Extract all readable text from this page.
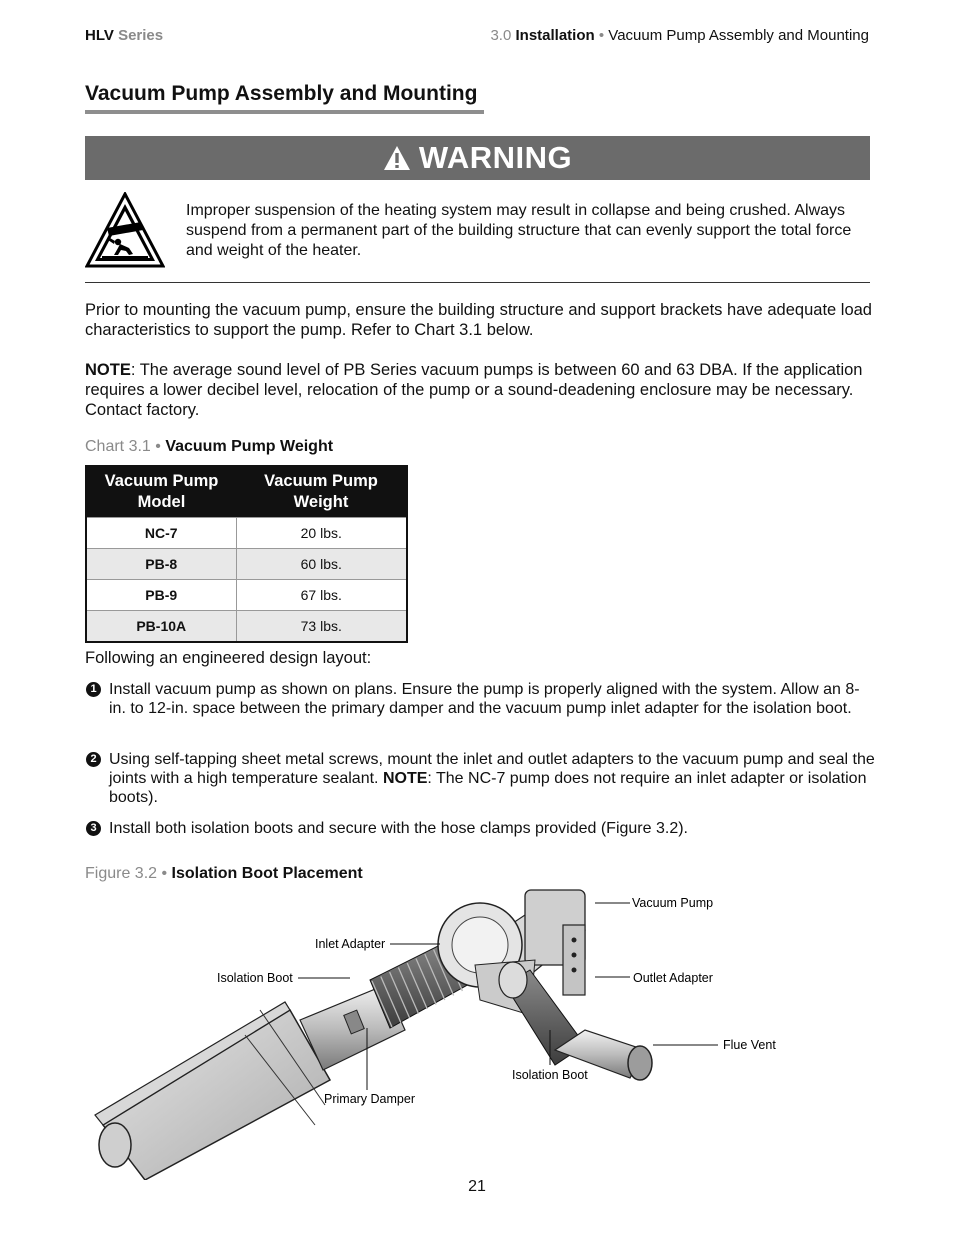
HLV Series	3.0 Installation • Vacuum Pump Assembly and Mounting
Vacuum Pump Assembly and Mounting
WARNING
Improper suspension of the heating system may result in collapse and being crushed. Always suspend from a permanent part of the building structure that can evenly support the total force and weight of the heater.
Prior to mounting the vacuum pump, ensure the building structure and support brackets have adequate load characteristics to support the pump. Refer to Chart 3.1 below.
NOTE: The average sound level of PB Series vacuum pumps is between 60 and 63 DBA. If the application requires a lower decibel level, relocation of the pump or a sound-deadening enclosure may be necessary. Contact factory.
Chart 3.1 • Vacuum Pump Weight
Vacuum Pump Model	Vacuum Pump Weight
NC-7	20 lbs.
PB-8	60 lbs.
PB-9	67 lbs.
PB-10A	73 lbs.
Following an engineered design layout:
1 Install vacuum pump as shown on plans. Ensure the pump is properly aligned with the system. Allow an 8-in. to 12-in. space between the primary damper and the vacuum pump inlet adapter for the isolation boot.
2 Using self-tapping sheet metal screws, mount the inlet and outlet adapters to the vacuum pump and seal the joints with a high temperature sealant. NOTE: The NC-7 pump does not require an inlet adapter or isolation boots).
3 Install both isolation boots and secure with the hose clamps provided (Figure 3.2).
Figure 3.2 • Isolation Boot Placement
Vacuum Pump
Inlet Adapter
Isolation Boot	Outlet Adapter
Flue Vent
Isolation Boot
Primary Damper
21
